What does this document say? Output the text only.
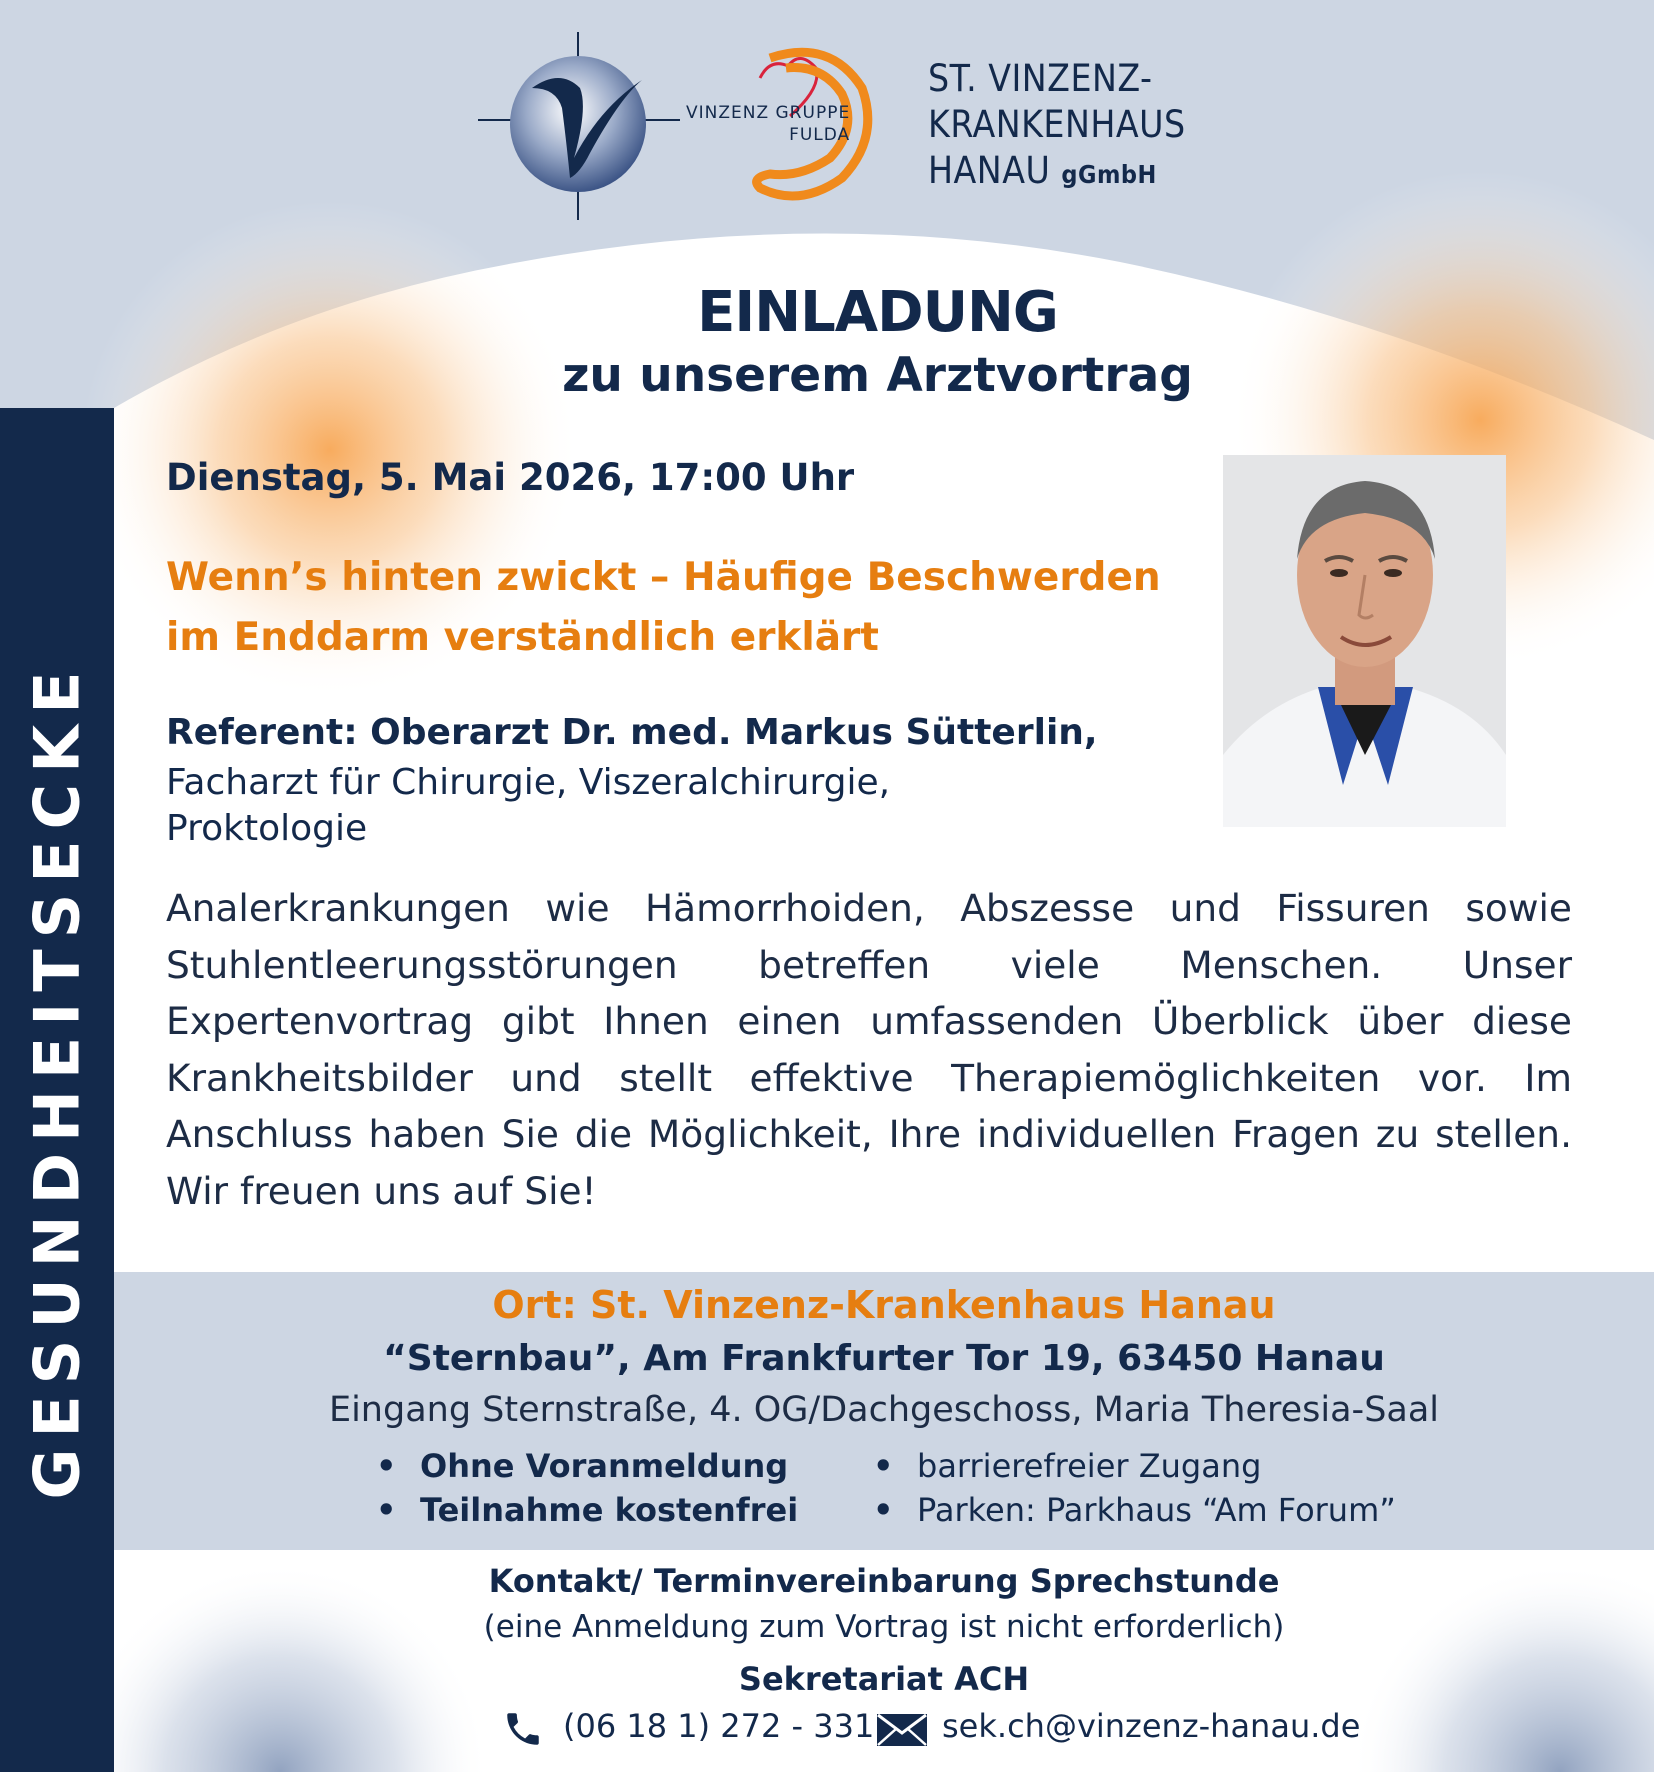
GESUNDHEITSECKE
VINZENZ GRUPPE
FULDA
ST. VINZENZ-
KRANKENHAUS
HANAU gGmbH
EINLADUNG
zu unserem Arztvortrag
Dienstag, 5. Mai 2026, 17:00 Uhr
Wenn’s hinten zwickt – Häufige Beschwerden
im Enddarm verständlich erklärt
Referent: Oberarzt Dr. med. Markus Sütterlin,
Facharzt für Chirurgie, Viszeralchirurgie,
Proktologie
Analerkrankungen wie Hämorrhoiden, Abszesse und Fissuren sowie Stuhlentleerungsstörungen betreffen viele Menschen. Unser Expertenvortrag gibt Ihnen einen umfassenden Überblick über diese Krankheitsbilder und stellt effektive Therapiemöglichkeiten vor. Im Anschluss haben Sie die Möglichkeit, Ihre individuellen Fragen zu stellen. Wir freuen uns auf Sie!
Ort: St. Vinzenz-Krankenhaus Hanau
“Sternbau”, Am Frankfurter Tor 19, 63450 Hanau
Eingang Sternstraße, 4. OG/Dachgeschoss, Maria Theresia-Saal
• Ohne Voranmeldung
• Teilnahme kostenfrei
• barrierefreier Zugang
• Parken: Parkhaus “Am Forum”
Kontakt/ Terminvereinbarung Sprechstunde
(eine Anmeldung zum Vortrag ist nicht erforderlich)
Sekretariat ACH
(06 18 1) 272 - 331 sek.ch@vinzenz-hanau.de
